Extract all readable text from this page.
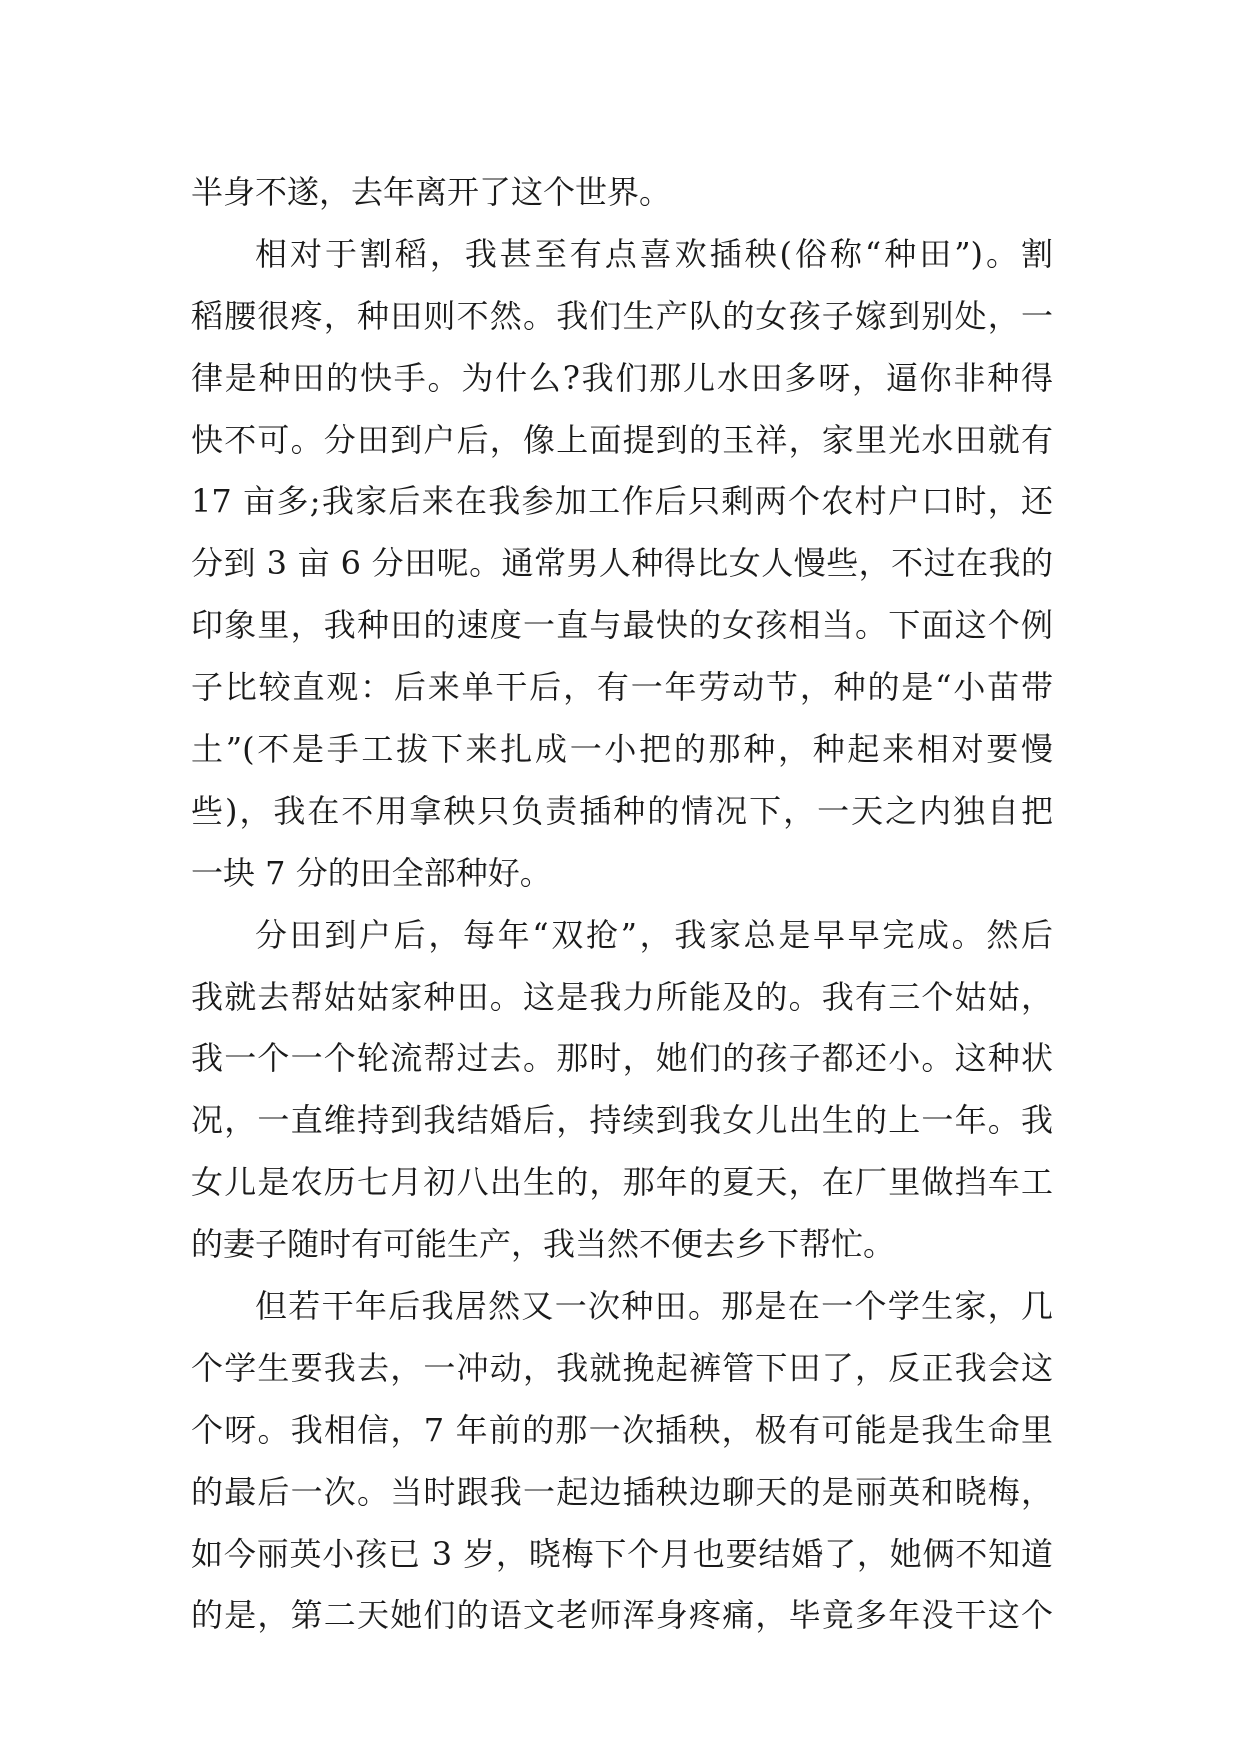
半身不遂，去年离开了这个世界。
相对于割稻，我甚至有点喜欢插秧(俗称“种田”)。割
稻腰很疼，种田则不然。我们生产队的女孩子嫁到别处，一
律是种田的快手。为什么?我们那儿水田多呀，逼你非种得
快不可。分田到户后，像上面提到的玉祥，家里光水田就有
17 亩多;我家后来在我参加工作后只剩两个农村户口时，还
分到 3 亩 6 分田呢。通常男人种得比女人慢些，不过在我的
印象里，我种田的速度一直与最快的女孩相当。下面这个例
子比较直观：后来单干后，有一年劳动节，种的是“小苗带
土”(不是手工拔下来扎成一小把的那种，种起来相对要慢
些)，我在不用拿秧只负责插种的情况下，一天之内独自把
一块 7 分的田全部种好。
分田到户后，每年“双抢”，我家总是早早完成。然后
我就去帮姑姑家种田。这是我力所能及的。我有三个姑姑，
我一个一个轮流帮过去。那时，她们的孩子都还小。这种状
况，一直维持到我结婚后，持续到我女儿出生的上一年。我
女儿是农历七月初八出生的，那年的夏天，在厂里做挡车工
的妻子随时有可能生产，我当然不便去乡下帮忙。
但若干年后我居然又一次种田。那是在一个学生家，几
个学生要我去，一冲动，我就挽起裤管下田了，反正我会这
个呀。我相信，7 年前的那一次插秧，极有可能是我生命里
的最后一次。当时跟我一起边插秧边聊天的是丽英和晓梅，
如今丽英小孩已 3 岁，晓梅下个月也要结婚了，她俩不知道
的是，第二天她们的语文老师浑身疼痛，毕竟多年没干这个
